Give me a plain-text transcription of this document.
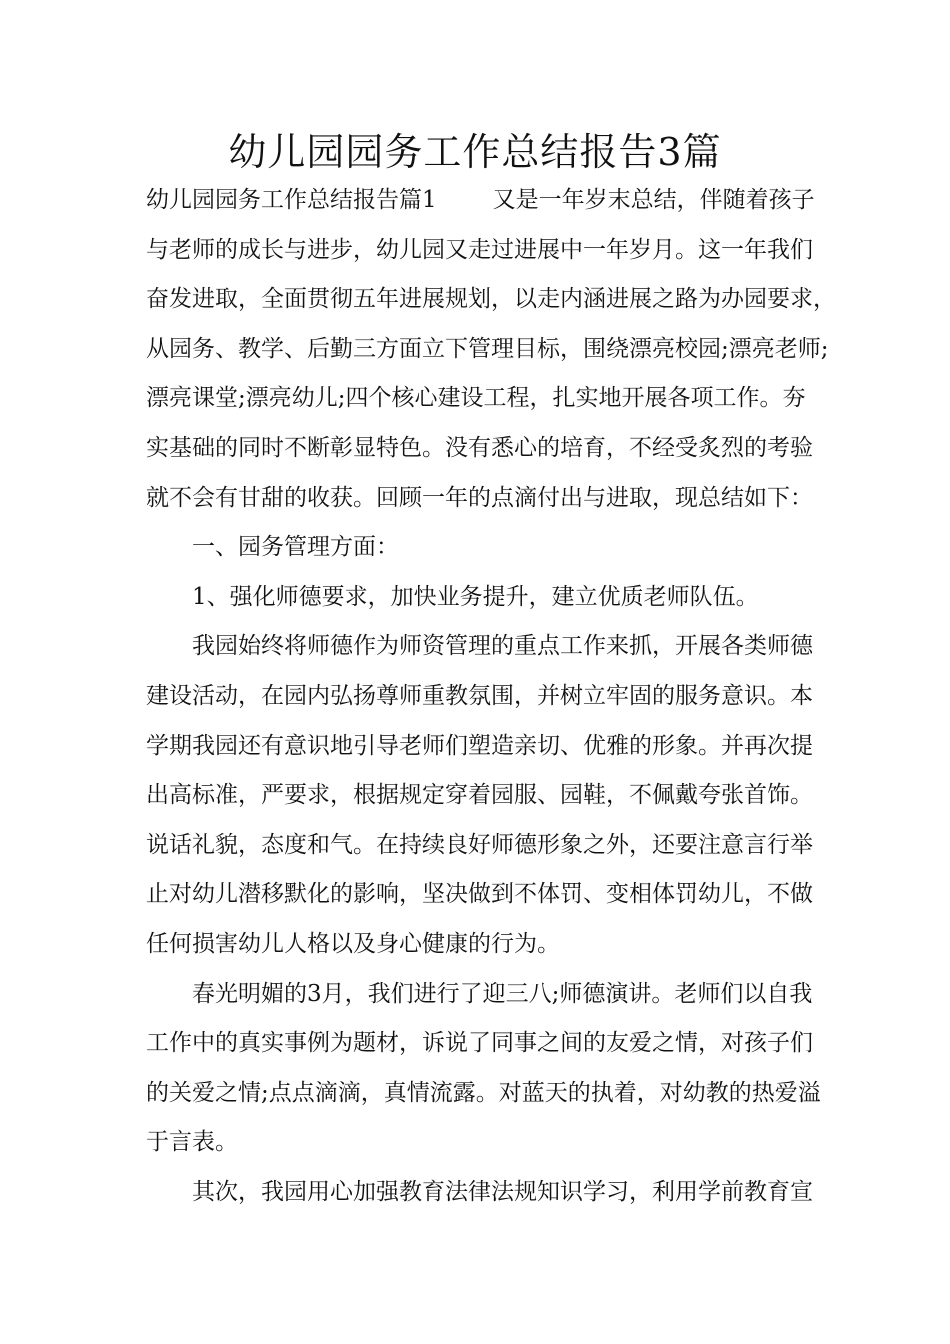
幼儿园园务工作总结报告3篇

幼儿园园务工作总结报告篇1 又是一年岁末总结，伴随着孩子
与老师的成长与进步，幼儿园又走过进展中一年岁月。这一年我们
奋发进取，全面贯彻五年进展规划，以走内涵进展之路为办园要求，
从园务、教学、后勤三方面立下管理目标，围绕漂亮校园;漂亮老师;
漂亮课堂;漂亮幼儿;四个核心建设工程，扎实地开展各项工作。夯
实基础的同时不断彰显特色。没有悉心的培育，不经受炙烈的考验
就不会有甘甜的收获。回顾一年的点滴付出与进取，现总结如下：

一、园务管理方面：

1、强化师德要求，加快业务提升，建立优质老师队伍。

我园始终将师德作为师资管理的重点工作来抓，开展各类师德
建设活动，在园内弘扬尊师重教氛围，并树立牢固的服务意识。本
学期我园还有意识地引导老师们塑造亲切、优雅的形象。并再次提
出高标准，严要求，根据规定穿着园服、园鞋，不佩戴夸张首饰。
说话礼貌，态度和气。在持续良好师德形象之外，还要注意言行举
止对幼儿潜移默化的影响，坚决做到不体罚、变相体罚幼儿，不做
任何损害幼儿人格以及身心健康的行为。

春光明媚的3月，我们进行了迎三八;师德演讲。老师们以自我
工作中的真实事例为题材，诉说了同事之间的友爱之情，对孩子们
的关爱之情;点点滴滴，真情流露。对蓝天的执着，对幼教的热爱溢
于言表。

其次，我园用心加强教育法律法规知识学习，利用学前教育宣
